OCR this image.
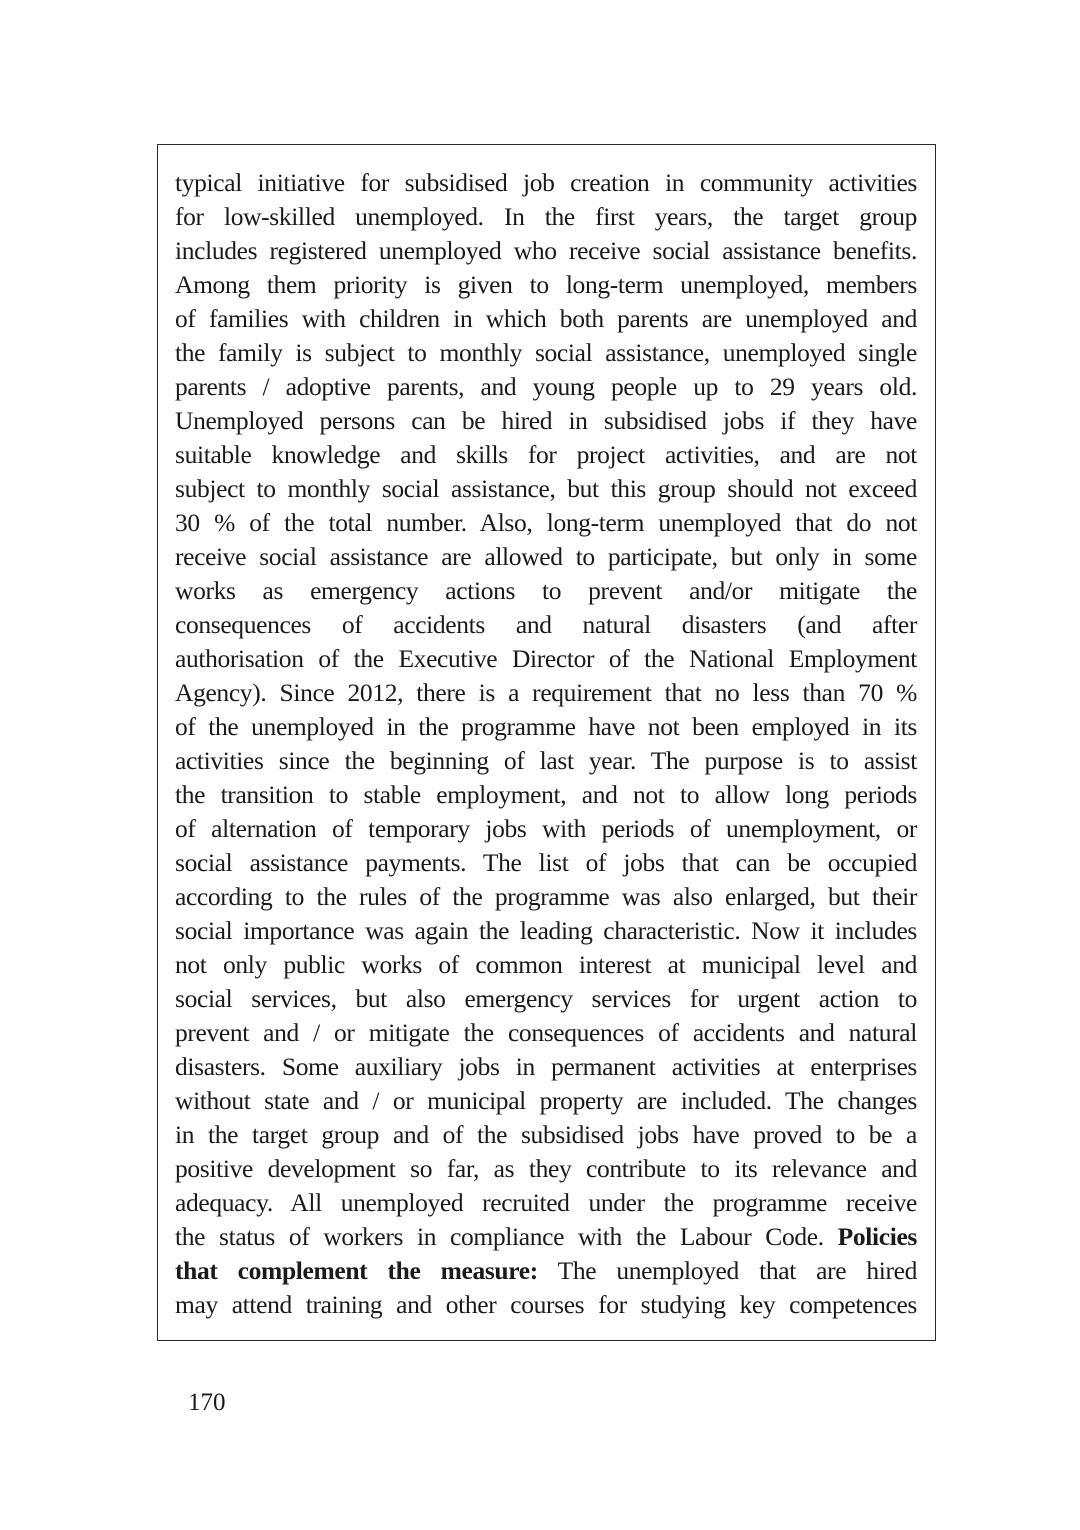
typical initiative for subsidised job creation in community activities
for low-skilled unemployed. In the first years, the target group
includes registered unemployed who receive social assistance benefits.
Among them priority is given to long-term unemployed, members
of families with children in which both parents are unemployed and
the family is subject to monthly social assistance, unemployed single
parents / adoptive parents, and young people up to 29 years old.
Unemployed persons can be hired in subsidised jobs if they have
suitable knowledge and skills for project activities, and are not
subject to monthly social assistance, but this group should not exceed
30 % of the total number. Also, long-term unemployed that do not
receive social assistance are allowed to participate, but only in some
works as emergency actions to prevent and/or mitigate the
consequences of accidents and natural disasters (and after
authorisation of the Executive Director of the National Employment
Agency). Since 2012, there is a requirement that no less than 70 %
of the unemployed in the programme have not been employed in its
activities since the beginning of last year. The purpose is to assist
the transition to stable employment, and not to allow long periods
of alternation of temporary jobs with periods of unemployment, or
social assistance payments. The list of jobs that can be occupied
according to the rules of the programme was also enlarged, but their
social importance was again the leading characteristic. Now it includes
not only public works of common interest at municipal level and
social services, but also emergency services for urgent action to
prevent and / or mitigate the consequences of accidents and natural
disasters. Some auxiliary jobs in permanent activities at enterprises
without state and / or municipal property are included. The changes
in the target group and of the subsidised jobs have proved to be a
positive development so far, as they contribute to its relevance and
adequacy. All unemployed recruited under the programme receive
the status of workers in compliance with the Labour Code. Policies
that complement the measure: The unemployed that are hired
may attend training and other courses for studying key competences
170
